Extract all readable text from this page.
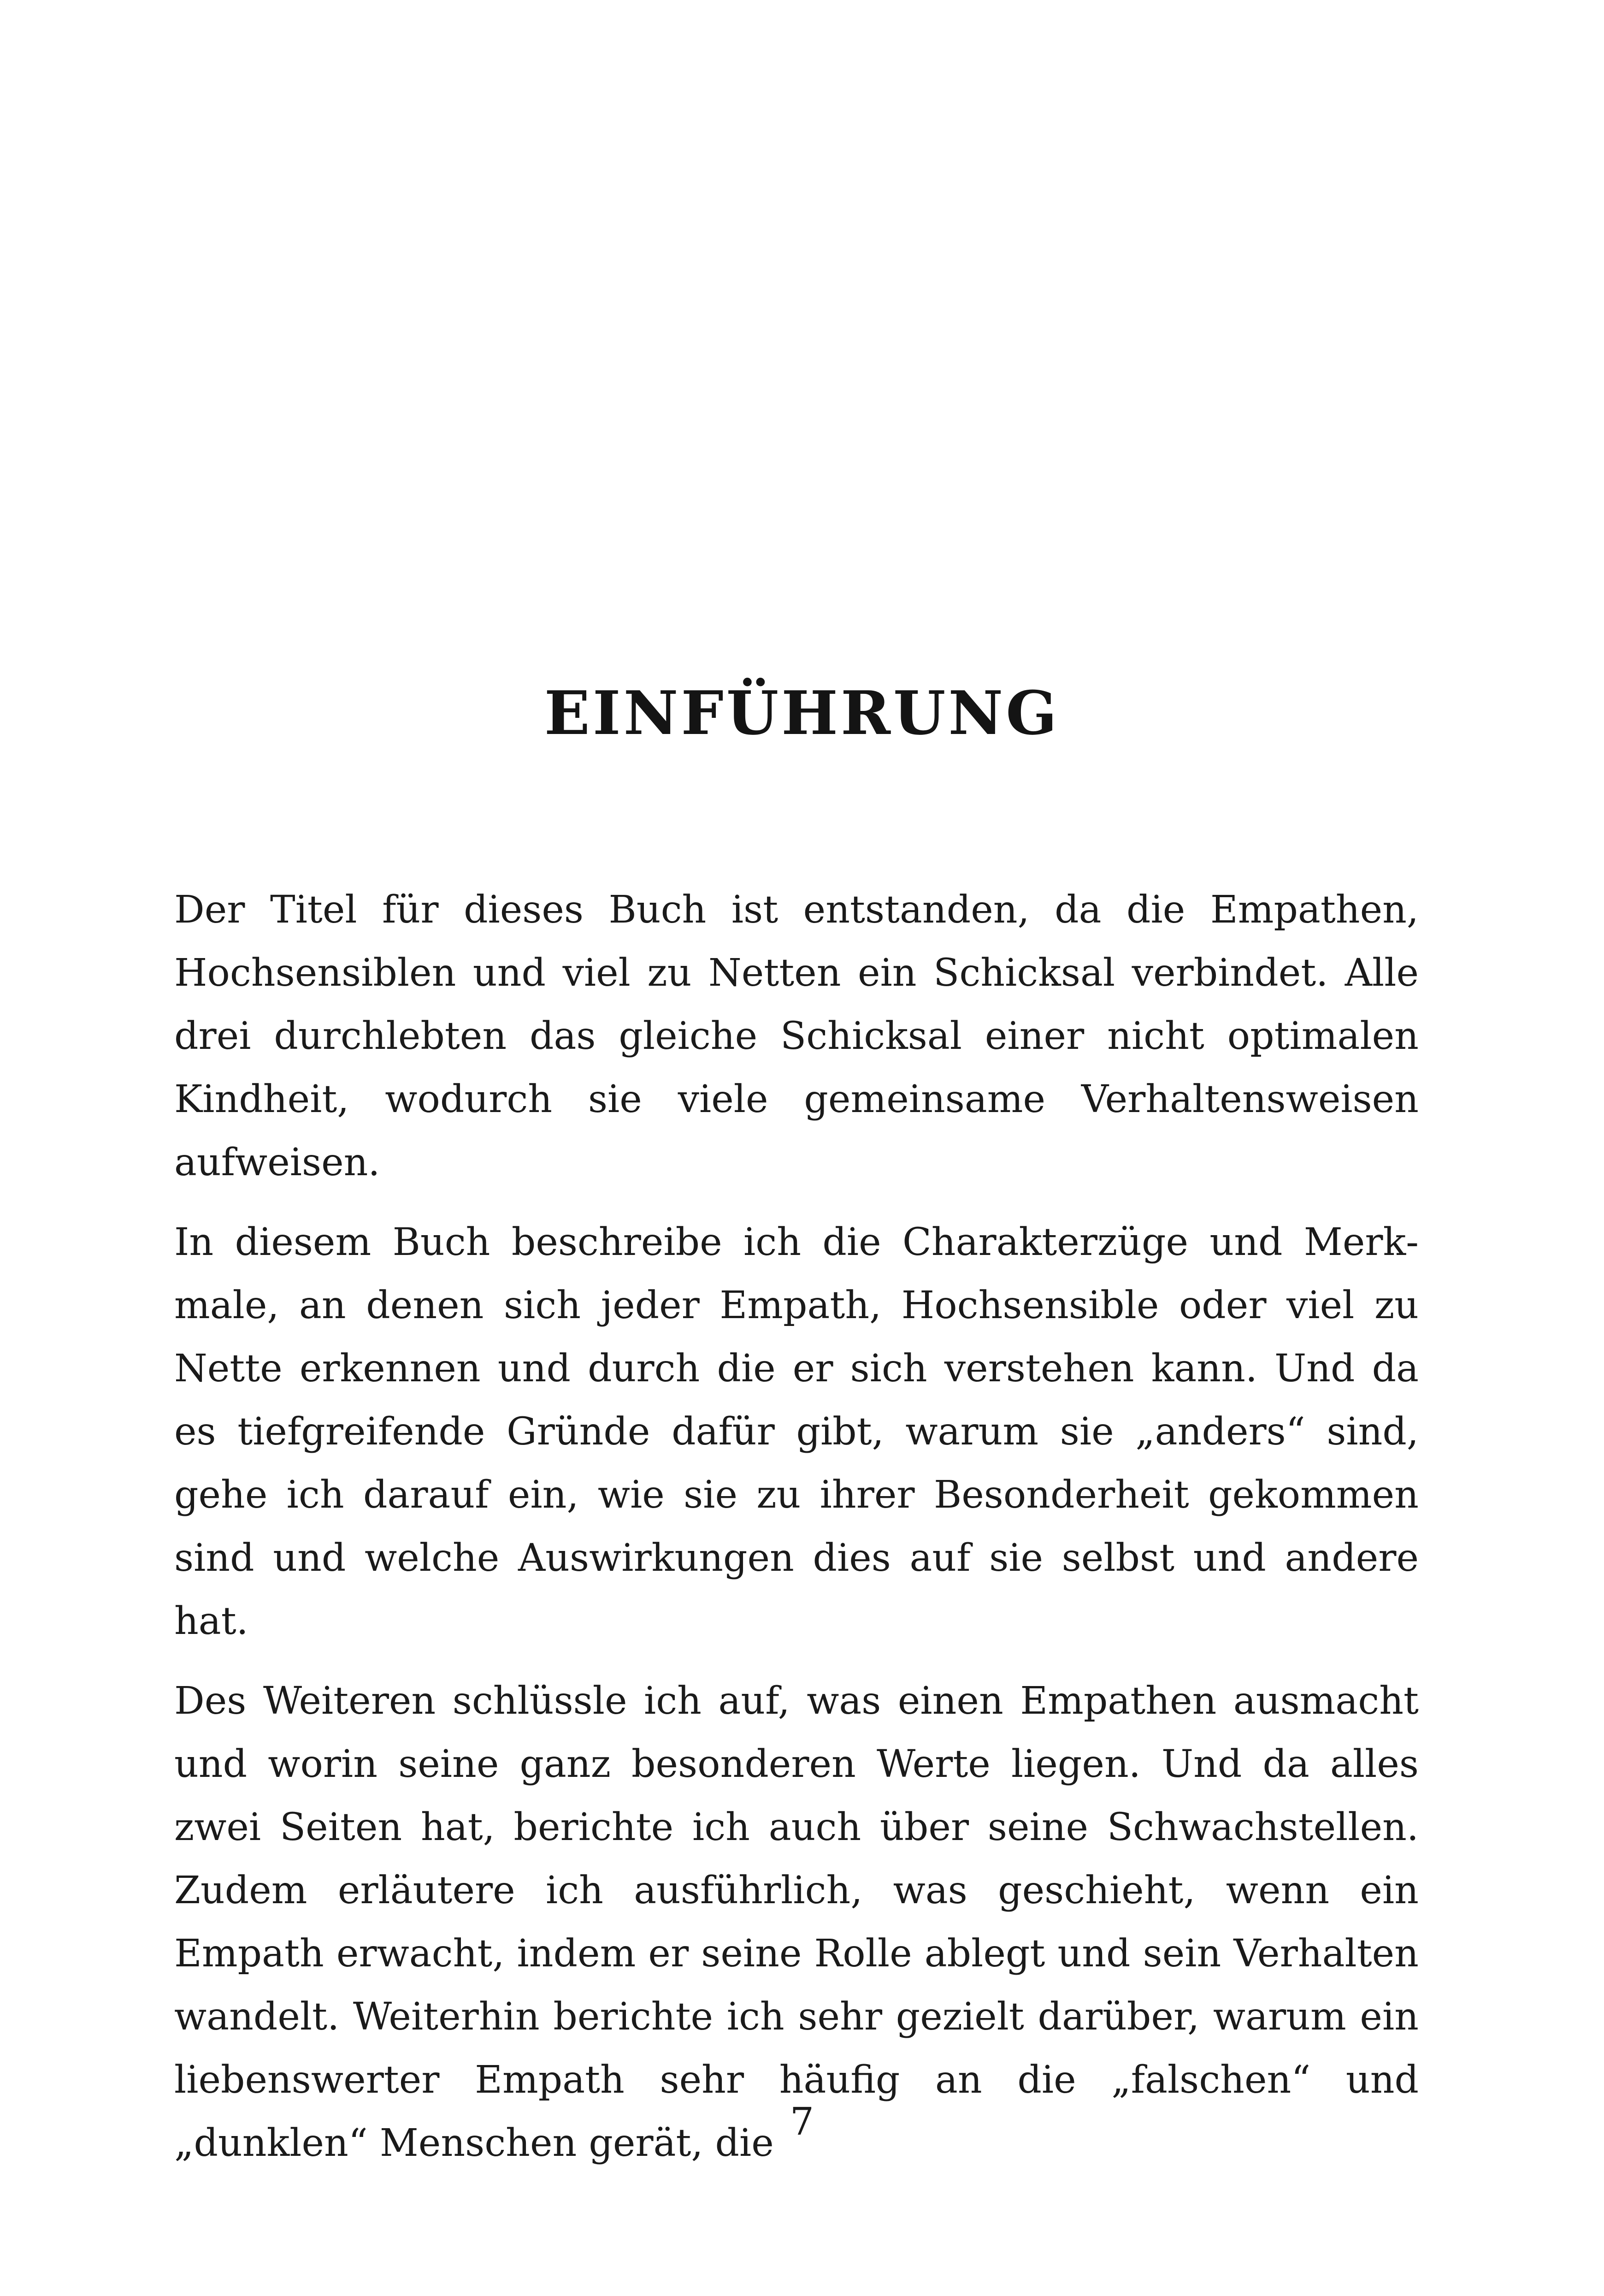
EINFÜHRUNG

Der Titel für dieses Buch ist entstanden, da die Empathen, Hochsensiblen und viel zu Netten ein Schicksal verbindet. Alle drei durchlebten das gleiche Schicksal einer nicht optimalen Kindheit, wodurch sie viele gemeinsame Verhaltensweisen aufweisen.

In diesem Buch beschreibe ich die Charakterzüge und Merkmale, an denen sich jeder Empath, Hochsensible oder viel zu Nette erkennen und durch die er sich verstehen kann. Und da es tiefgreifende Gründe dafür gibt, warum sie „anders“ sind, gehe ich darauf ein, wie sie zu ihrer Besonderheit gekommen sind und welche Auswirkungen dies auf sie selbst und andere hat.

Des Weiteren schlüssle ich auf, was einen Empathen ausmacht und worin seine ganz besonderen Werte liegen. Und da alles zwei Seiten hat, berichte ich auch über seine Schwachstellen. Zudem erläutere ich ausführlich, was geschieht, wenn ein Empath erwacht, indem er seine Rolle ablegt und sein Verhalten wandelt. Weiterhin berichte ich sehr gezielt darüber, warum ein liebenswerter Empath sehr häufig an die „falschen“ und „dunklen“ Menschen gerät, die 7
